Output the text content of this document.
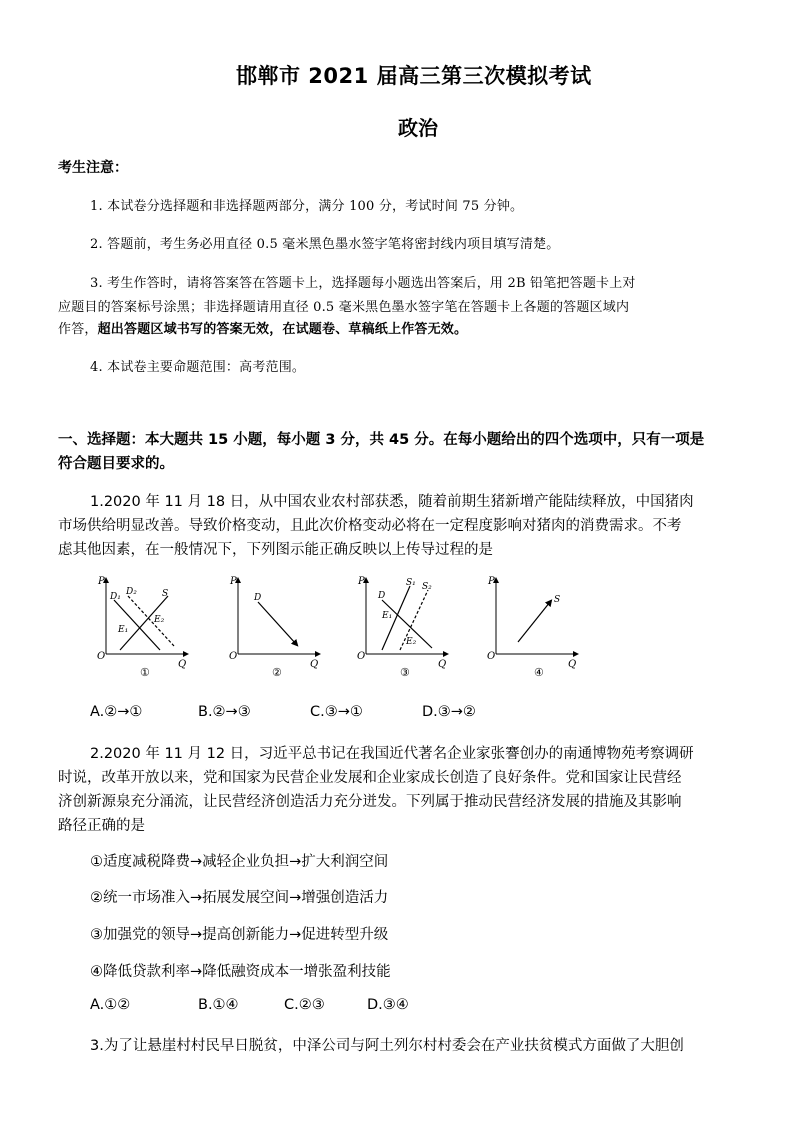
邯郸市 2021 届高三第三次模拟考试
政治
考生注意：
1. 本试卷分选择题和非选择题两部分，满分 100 分，考试时间 75 分钟。
2. 答题前，考生务必用直径 0.5 毫米黑色墨水签字笔将密封线内项目填写清楚。
3. 考生作答时，请将答案答在答题卡上，选择题每小题选出答案后，用 2B 铅笔把答题卡上对
应题目的答案标号涂黑；非选择题请用直径 0.5 毫米黑色墨水签字笔在答题卡上各题的答题区域内
作答，超出答题区域书写的答案无效，在试题卷、草稿纸上作答无效。
4. 本试卷主要命题范围：高考范围。
一、选择题：本大题共 15 小题，每小题 3 分，共 45 分。在每小题给出的四个选项中，只有一项是
符合题目要求的。
1.2020 年 11 月 18 日，从中国农业农村部获悉，随着前期生猪新增产能陆续释放，中国猪肉
市场供给明显改善。导致价格变动，且此次价格变动必将在一定程度影响对猪肉的消费需求。不考
虑其他因素，在一般情况下，下列图示能正确反映以上传导过程的是
P
O
Q
D₁ D₂	S
E₁
E₂
①
P
O
Q
D
②
P
O
Q
D
S₁ S₂
E₁
E₂
③
P
O
Q
S
④
A.②→①	B.②→③	C.③→①	D.③→②
2.2020 年 11 月 12 日，习近平总书记在我国近代著名企业家张謇创办的南通博物苑考察调研
时说，改革开放以来，党和国家为民营企业发展和企业家成长创造了良好条件。党和国家让民营经
济创新源泉充分涌流，让民营经济创造活力充分迸发。下列属于推动民营经济发展的措施及其影响
路径正确的是
①适度减税降费→减轻企业负担→扩大利润空间
②统一市场准入→拓展发展空间→增强创造活力
③加强党的领导→提高创新能力→促进转型升级
④降低贷款利率→降低融资成本一增张盈利技能
A.①②	B.①④	C.②③	D.③④
3.为了让悬崖村村民早日脱贫，中泽公司与阿土列尔村村委会在产业扶贫模式方面做了大胆创
